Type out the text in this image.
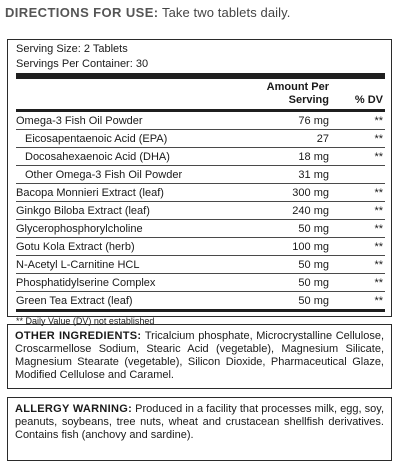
DIRECTIONS FOR USE: Take two tablets daily.
Serving Size: 2 Tablets
Servings Per Container: 30
	Amount Per Serving	% DV
Omega-3 Fish Oil Powder	76 mg	**
Eicosapentaenoic Acid (EPA)	27	**
Docosahexaenoic Acid (DHA)	18 mg	**
Other Omega-3 Fish Oil Powder	31 mg	
Bacopa Monnieri Extract (leaf)	300 mg	**
Ginkgo Biloba Extract (leaf)	240 mg	**
Glycerophosphorylcholine	50 mg	**
Gotu Kola Extract (herb)	100 mg	**
N-Acetyl L-Carnitine HCL	50 mg	**
Phosphatidylserine Complex	50 mg	**
Green Tea Extract (leaf)	50 mg	**
** Daily Value (DV) not established
OTHER INGREDIENTS: Tricalcium phosphate, Microcrystalline Cellulose, Croscarmellose Sodium, Stearic Acid (vegetable), Magnesium Silicate, Magnesium Stearate (vegetable), Silicon Dioxide, Pharmaceutical Glaze, Modified Cellulose and Caramel.
ALLERGY WARNING: Produced in a facility that processes milk, egg, soy, peanuts, soybeans, tree nuts, wheat and crustacean shellfish derivatives. Contains fish (anchovy and sardine).
